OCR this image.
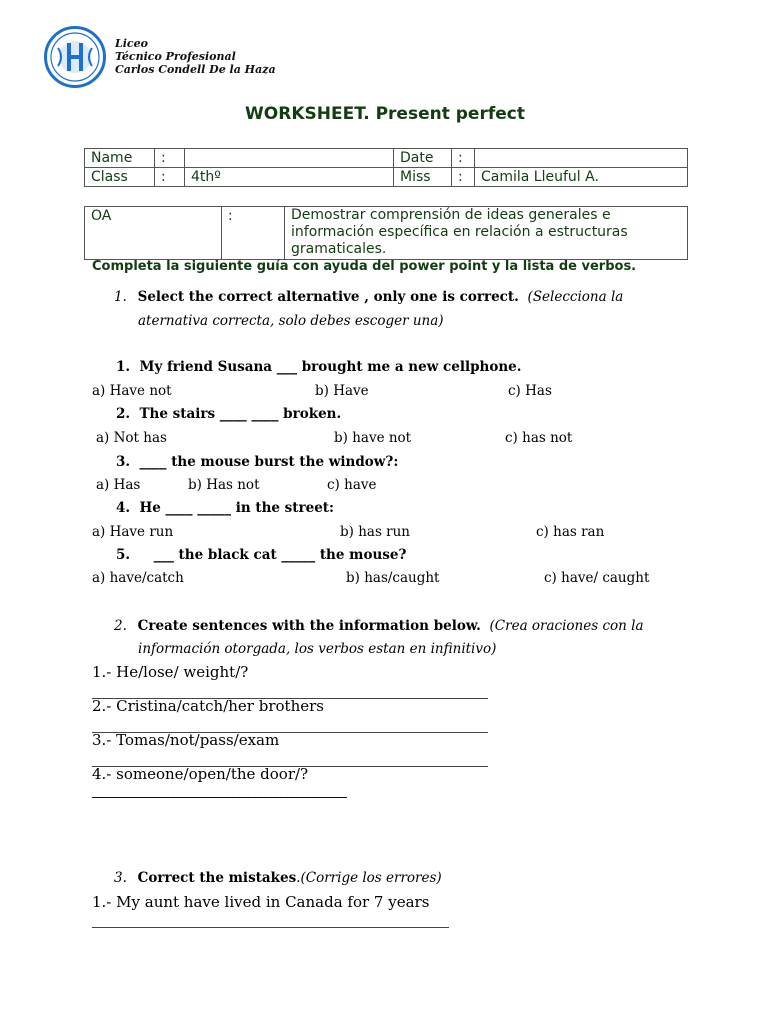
Liceo
Técnico Profesional
Carlos Condell De la Haza
WORKSHEET. Present perfect
Name	:		Date	:	
Class	:	4thº	Miss	:	Camila Lleuful A.
OA	:	Demostrar comprensión de ideas generales e información específica en relación a estructuras gramaticales.
Completa la siguiente guía con ayuda del power point y la lista de verbos.
1. Select the correct alternative , only one is correct. (Selecciona la
aternativa correcta, solo debes escoger una)
1. My friend Susana ___ brought me a new cellphone.
a) Have not	b) Have	c) Has
2. The stairs ____ ____ broken.
a) Not has	b) have not	c) has not
3. ____ the mouse burst the window?:
a) Has	b) Has not	c) have
4. He ____ _____ in the street:
a) Have run	b) has run	c) has ran
5. ___ the black cat _____ the mouse?
a) have/catch	b) has/caught	c) have/ caught
2. Create sentences with the information below. (Crea oraciones con la
información otorgada, los verbos estan en infinitivo)
1.- He/lose/ weight/?
2.- Cristina/catch/her brothers
3.- Tomas/not/pass/exam
4.- someone/open/the door/?
_______________________________________________
3. Correct the mistakes.(Corrige los errores)
1.- My aunt have lived in Canada for 7 years
